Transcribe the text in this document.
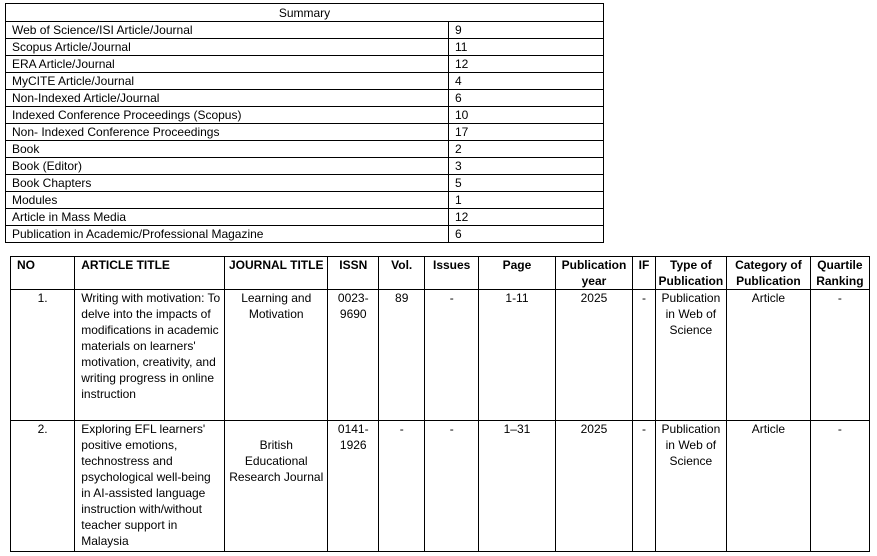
Summary	
Web of Science/ISI Article/Journal	9
Scopus Article/Journal	11
ERA Article/Journal	12
MyCITE Article/Journal	4
Non-Indexed Article/Journal	6
Indexed Conference Proceedings (Scopus)	10
Non- Indexed Conference Proceedings	17
Book	2
Book (Editor)	3
Book Chapters	5
Modules	1
Article in Mass Media	12
Publication in Academic/Professional Magazine	6
NO	ARTICLE TITLE	JOURNAL TITLE	ISSN	Vol.	Issues	Page	Publication year	IF	Type of Publication	Category of Publication	Quartile Ranking
1.	Writing with motivation: To delve into the impacts of modifications in academic materials on learners' motivation, creativity, and writing progress in online instruction	Learning and Motivation	0023-9690	89	-	1-11	2025	-	Publication in Web of Science	Article	-
2.	Exploring EFL learners' positive emotions, technostress and psychological well-being in AI-assisted language instruction with/without teacher support in Malaysia	British Educational Research Journal	0141-1926	-	-	1–31	2025	-	Publication in Web of Science	Article	-
